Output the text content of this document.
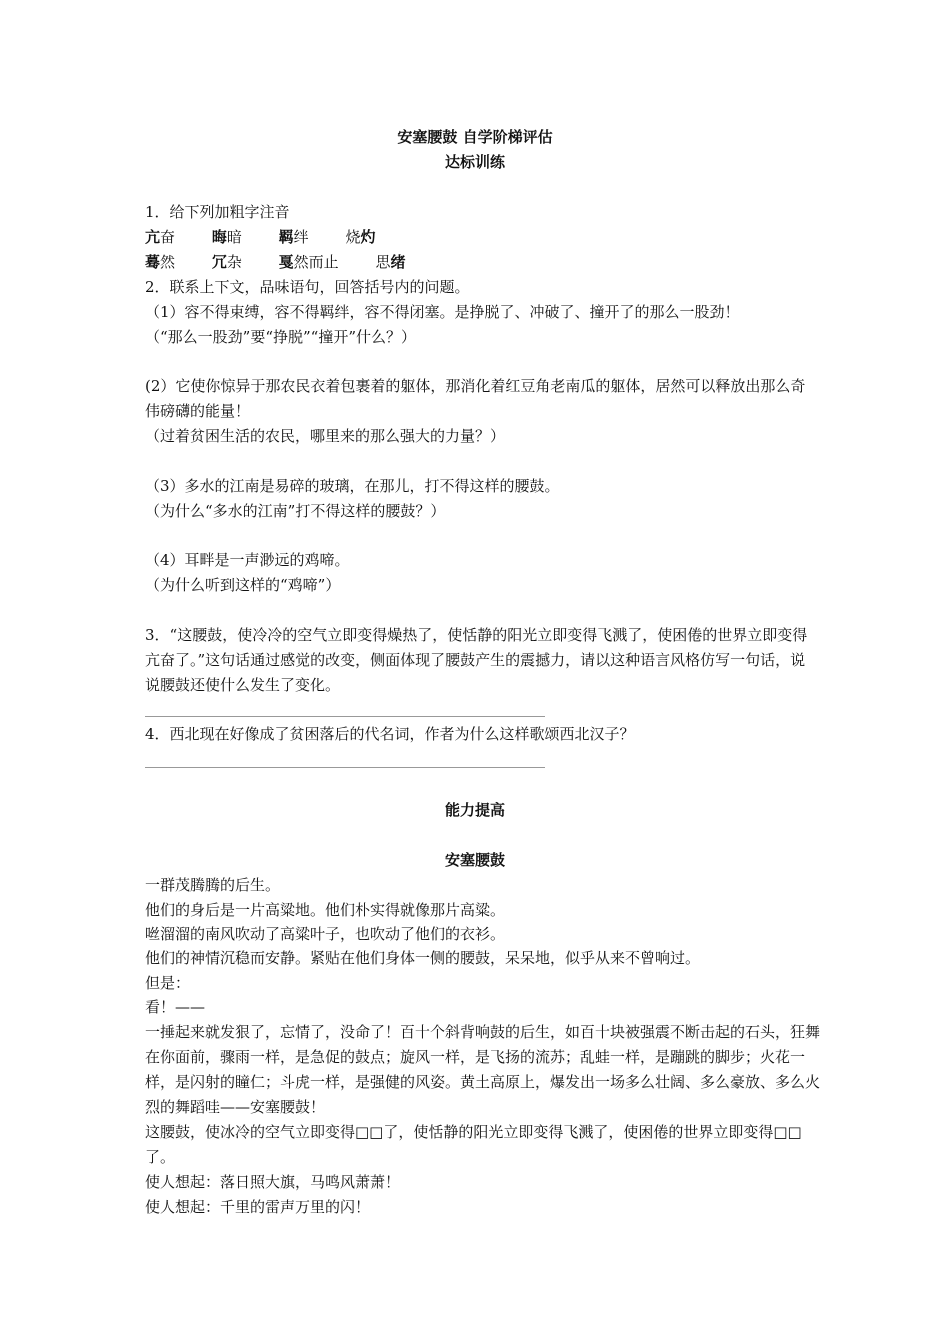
安塞腰鼓 自学阶梯评估
达标训练
1．给下列加粗字注音
亢奋 晦暗 羁绊 烧灼
蓦然 冗杂 戛然而止 思绪
2．联系上下文，品味语句，回答括号内的问题。
（1）容不得束缚，容不得羁绊，容不得闭塞。是挣脱了、冲破了、撞开了的那么一股劲！
（“那么一股劲”要“挣脱”“撞开”什么？）
(2）它使你惊异于那农民衣着包裹着的躯体，那消化着红豆角老南瓜的躯体，居然可以释放出那么奇伟磅礴的能量！
（过着贫困生活的农民，哪里来的那么强大的力量？）
（3）多水的江南是易碎的玻璃，在那儿，打不得这样的腰鼓。
（为什么“多水的江南”打不得这样的腰鼓？）
（4）耳畔是一声渺远的鸡啼。
（为什么听到这样的“鸡啼”）
3．“这腰鼓，使冷冷的空气立即变得燥热了，使恬静的阳光立即变得飞溅了，使困倦的世界立即变得亢奋了。”这句话通过感觉的改变，侧面体现了腰鼓产生的震撼力，请以这种语言风格仿写一句话，说说腰鼓还使什么发生了变化。
4．西北现在好像成了贫困落后的代名词，作者为什么这样歌颂西北汉子？
能力提高
安塞腰鼓
一群茂腾腾的后生。
他们的身后是一片高粱地。他们朴实得就像那片高粱。
咝溜溜的南风吹动了高粱叶子，也吹动了他们的衣衫。
他们的神情沉稳而安静。紧贴在他们身体一侧的腰鼓，呆呆地，似乎从来不曾响过。
但是：
看！——
一捶起来就发狠了，忘情了，没命了！百十个斜背响鼓的后生，如百十块被强震不断击起的石头，狂舞在你面前，骤雨一样，是急促的鼓点；旋风一样，是飞扬的流苏；乱蛙一样，是蹦跳的脚步；火花一样，是闪射的瞳仁；斗虎一样，是强健的风姿。黄土高原上，爆发出一场多么壮阔、多么豪放、多么火烈的舞蹈哇——安塞腰鼓！
这腰鼓，使冰冷的空气立即变得□□了，使恬静的阳光立即变得飞溅了，使困倦的世界立即变得□□了。
使人想起：落日照大旗，马鸣风萧萧！
使人想起：千里的雷声万里的闪！
